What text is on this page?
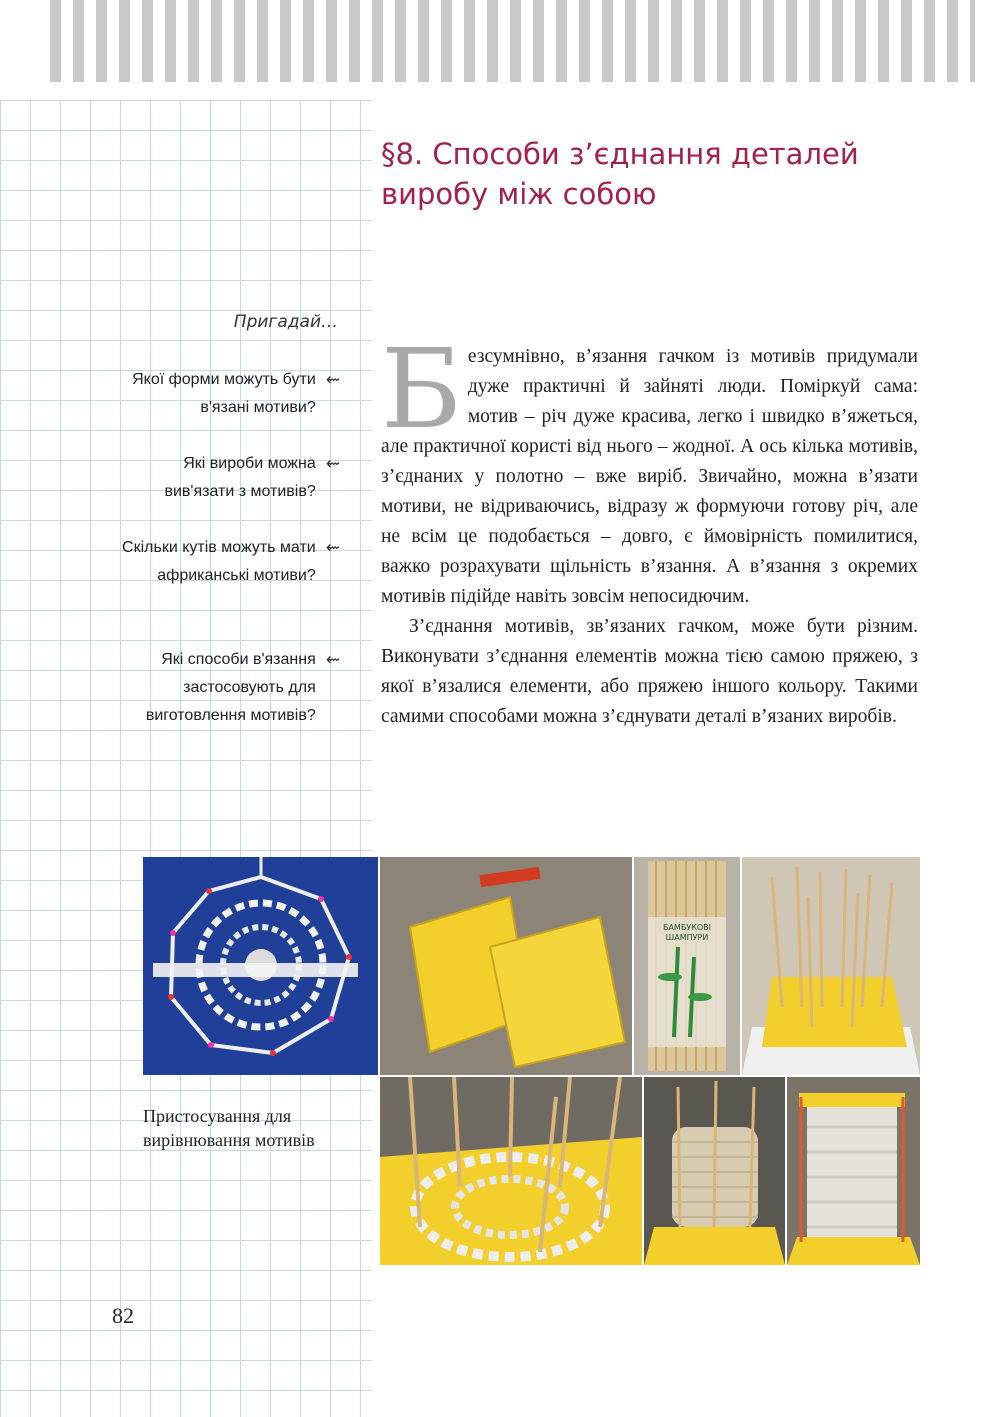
§8. Способи з’єднання деталей виробу між собою
Пригадай…
Якої форми можуть бути в'язані мотиви?
⇜
Які вироби можна вив'язати з мотивів?
⇜
Скільки кутів можуть мати африканські мотиви?
⇜
Які способи в'язання застосовують для виготовлення мотивів?
⇜

Безсумнівно, в’язання гачком із мотивів придумали дуже практичні й зайняті люди. Поміркуй сама: мотив – річ дуже красива, легко і швидко в’яжеться, але практичної користі від нього – жодної. А ось кілька мотивів, з’єднаних у полотно – вже виріб. Звичайно, можна в’язати мотиви, не відриваючись, відразу ж формуючи готову річ, але не всім це подобається – довго, є ймовірність помилитися, важко розрахувати щільність в’язання. А в’язання з окремих мотивів підійде навіть зовсім непосидючим.

З’єднання мотивів, зв’язаних гачком, може бути різним. Виконувати з’єднання елементів можна тією самою пряжею, з якої в’язалися елементи, або пряжею іншого кольору. Такими самими способами можна з’єднувати деталі в’язаних виробів.

БАМБУКОВІ ШАМПУРИ
Пристосування для вирівнювання мотивів
82
